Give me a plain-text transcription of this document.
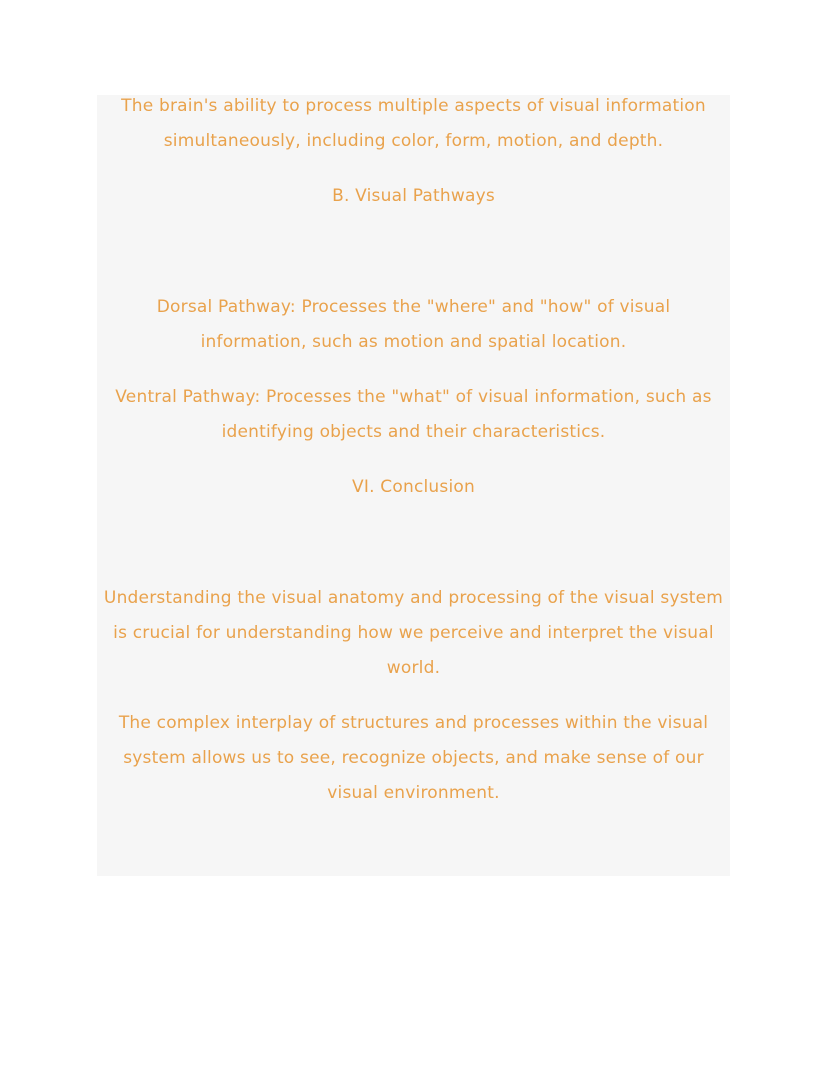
The brain's ability to process multiple aspects of visual information simultaneously, including color, form, motion, and depth.
B. Visual Pathways
Dorsal Pathway: Processes the "where" and "how" of visual information, such as motion and spatial location.
Ventral Pathway: Processes the "what" of visual information, such as identifying objects and their characteristics.
VI. Conclusion
Understanding the visual anatomy and processing of the visual system is crucial for understanding how we perceive and interpret the visual world.
The complex interplay of structures and processes within the visual system allows us to see, recognize objects, and make sense of our visual environment.
